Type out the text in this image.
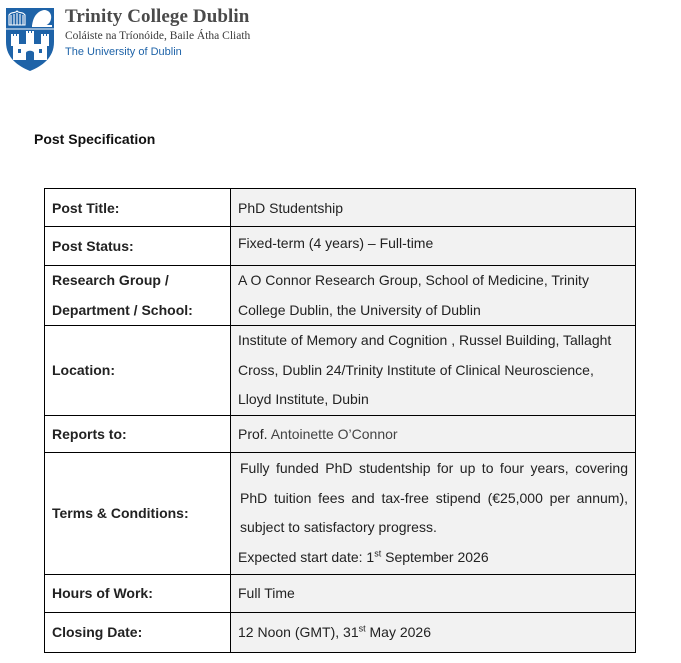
Trinity College Dublin
Coláiste na Tríonóide, Baile Átha Cliath
The University of Dublin
Post Specification
Post Title:	PhD Studentship
Post Status:	Fixed-term (4 years) – Full-time

Research Group /
Department / School:	A O Connor Research Group, School of Medicine, Trinity College Dublin, the University of Dublin
Location:	Institute of Memory and Cognition , Russel Building, Tallaght Cross, Dublin 24/Trinity Institute of Clinical Neuroscience, Lloyd Institute, Dubin
Reports to:	Prof. Antoinette O’Connor
Terms & Conditions:	Fully funded PhD studentship for up to four years, covering PhD tuition fees and tax-free stipend (€25,000 per annum), subject to satisfactory progress.
Expected start date: 1st September 2026

Hours of Work:	Full Time
Closing Date:	12 Noon (GMT), 31st May 2026
